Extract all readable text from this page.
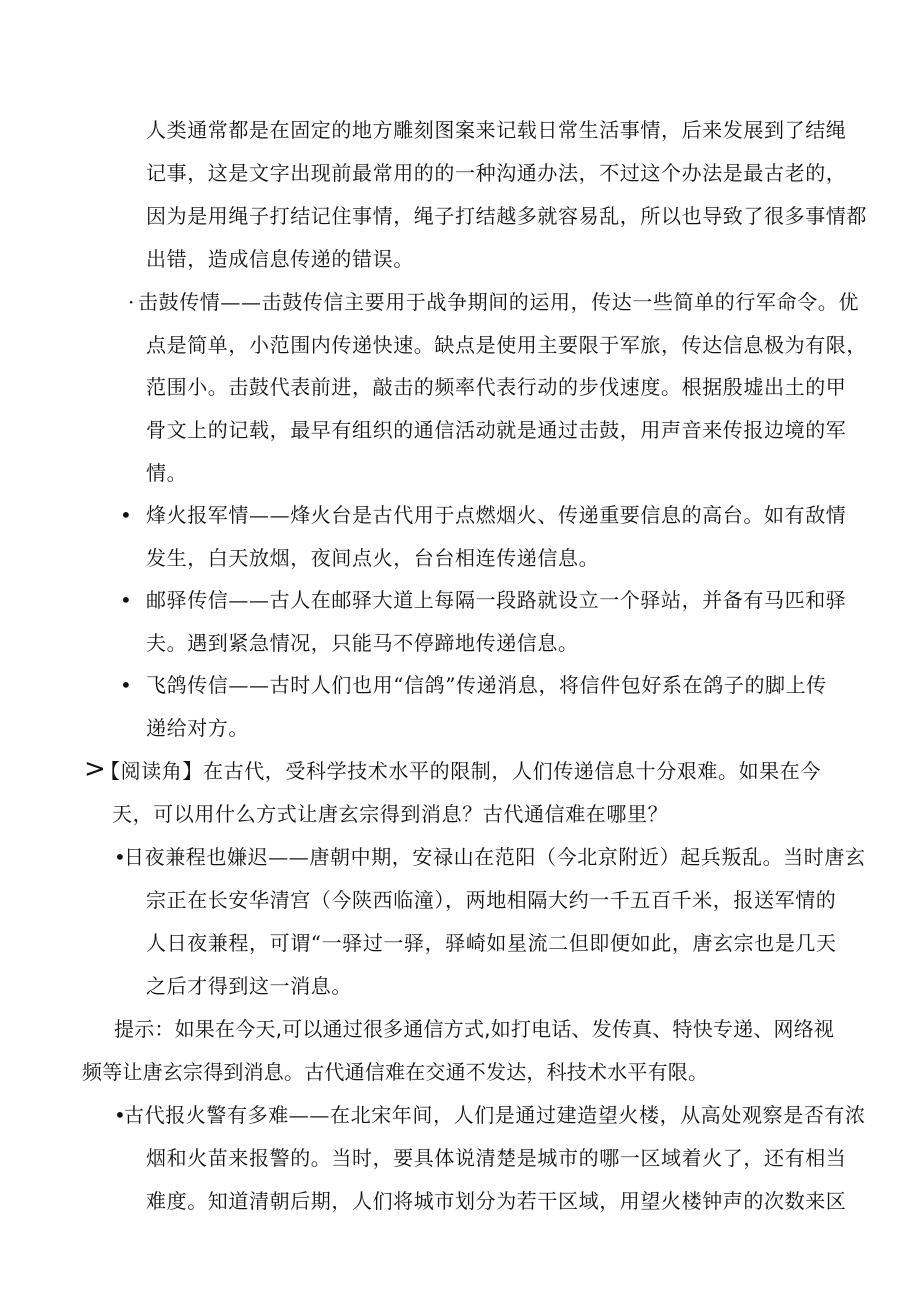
人类通常都是在固定的地方雕刻图案来记载日常生活事情，后来发展到了结绳
记事，这是文字出现前最常用的的一种沟通办法，不过这个办法是最古老的，
因为是用绳子打结记住事情，绳子打结越多就容易乱，所以也导致了很多事情都
出错，造成信息传递的错误。
· 击鼓传情——击鼓传信主要用于战争期间的运用，传达一些简单的行军命令。优
点是简单，小范围内传递快速。缺点是使用主要限于军旅，传达信息极为有限，
范围小。击鼓代表前进，敲击的频率代表行动的步伐速度。根据殷墟出土的甲
骨文上的记载，最早有组织的通信活动就是通过击鼓，用声音来传报边境的军
情。
• 烽火报军情——烽火台是古代用于点燃烟火、传递重要信息的高台。如有敌情
发生，白天放烟，夜间点火，台台相连传递信息。
• 邮驿传信——古人在邮驿大道上每隔一段路就设立一个驿站，并备有马匹和驿
夫。遇到紧急情况，只能马不停蹄地传递信息。
• 飞鸽传信——古时人们也用“信鸽”传递消息，将信件包好系在鸽子的脚上传
递给对方。
>
【阅读角】在古代，受科学技术水平的限制，人们传递信息十分艰难。如果在今
天，可以用什么方式让唐玄宗得到消息？古代通信难在哪里？
•
日夜兼程也嫌迟——唐朝中期，安禄山在范阳（今北京附近）起兵叛乱。当时唐玄
宗正在长安华清宫（今陕西临潼），两地相隔大约一千五百千米，报送军情的
人日夜兼程，可谓“一驿过一驿，驿崎如星流二但即便如此，唐玄宗也是几天
之后才得到这一消息。
提示：如果在今天,可以通过很多通信方式,如打电话、发传真、特快专递、网络视
频等让唐玄宗得到消息。古代通信难在交通不发达，科技术水平有限。
•
古代报火警有多难——在北宋年间，人们是通过建造望火楼，从高处观察是否有浓
烟和火苗来报警的。当时，要具体说清楚是城市的哪一区域着火了，还有相当
难度。知道清朝后期，人们将城市划分为若干区域，用望火楼钟声的次数来区
